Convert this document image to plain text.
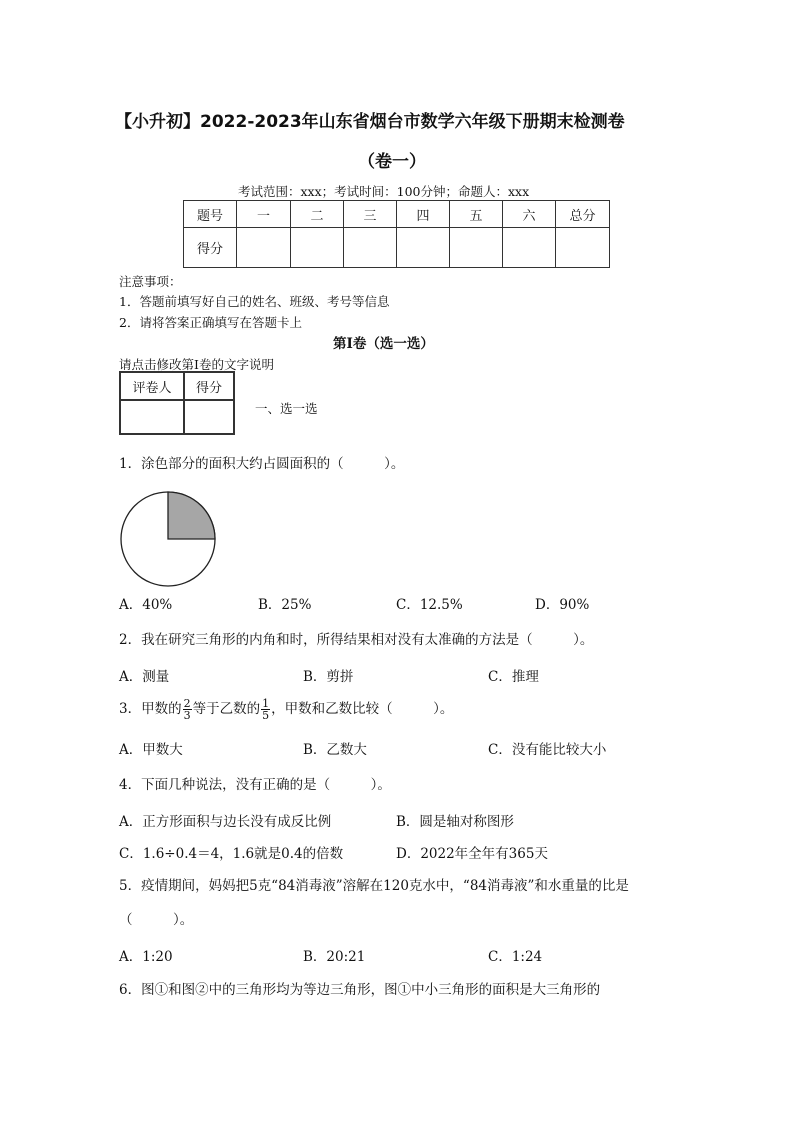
【小升初】2022-2023年山东省烟台市数学六年级下册期末检测卷
（卷一）
考试范围：xxx；考试时间：100分钟；命题人：xxx
题号	一	二	三	四	五	六	总分
得分							
注意事项：
1．答题前填写好自己的姓名、班级、考号等信息
2．请将答案正确填写在答题卡上
第Ⅰ卷（选一选）
请点击修改第Ⅰ卷的文字说明
评卷人	得分

一、选一选
1．涂色部分的面积大约占圆面积的（　　　）。
A．40%	B．25%	C．12.5%	D．90%
2．我在研究三角形的内角和时，所得结果相对没有太准确的方法是（　　　）。
A．测量	B．剪拼	C．推理
3．甲数的 $\frac{2}{3}$ 等于乙数的 $\frac{1}{5}$ ，甲数和乙数比较（　　　）。
A．甲数大	B．乙数大	C．没有能比较大小
4．下面几种说法，没有正确的是（　　　）。
A．正方形面积与边长没有成反比例	B．圆是轴对称图形
C．1.6÷0.4＝4，1.6就是0.4的倍数	D．2022年全年有365天
5．疫情期间，妈妈把5克“84消毒液”溶解在120克水中，“84消毒液”和水重量的比是
（　　　）。
A．1:20	B．20:21	C．1:24
6．图①和图②中的三角形均为等边三角形，图①中小三角形的面积是大三角形的
